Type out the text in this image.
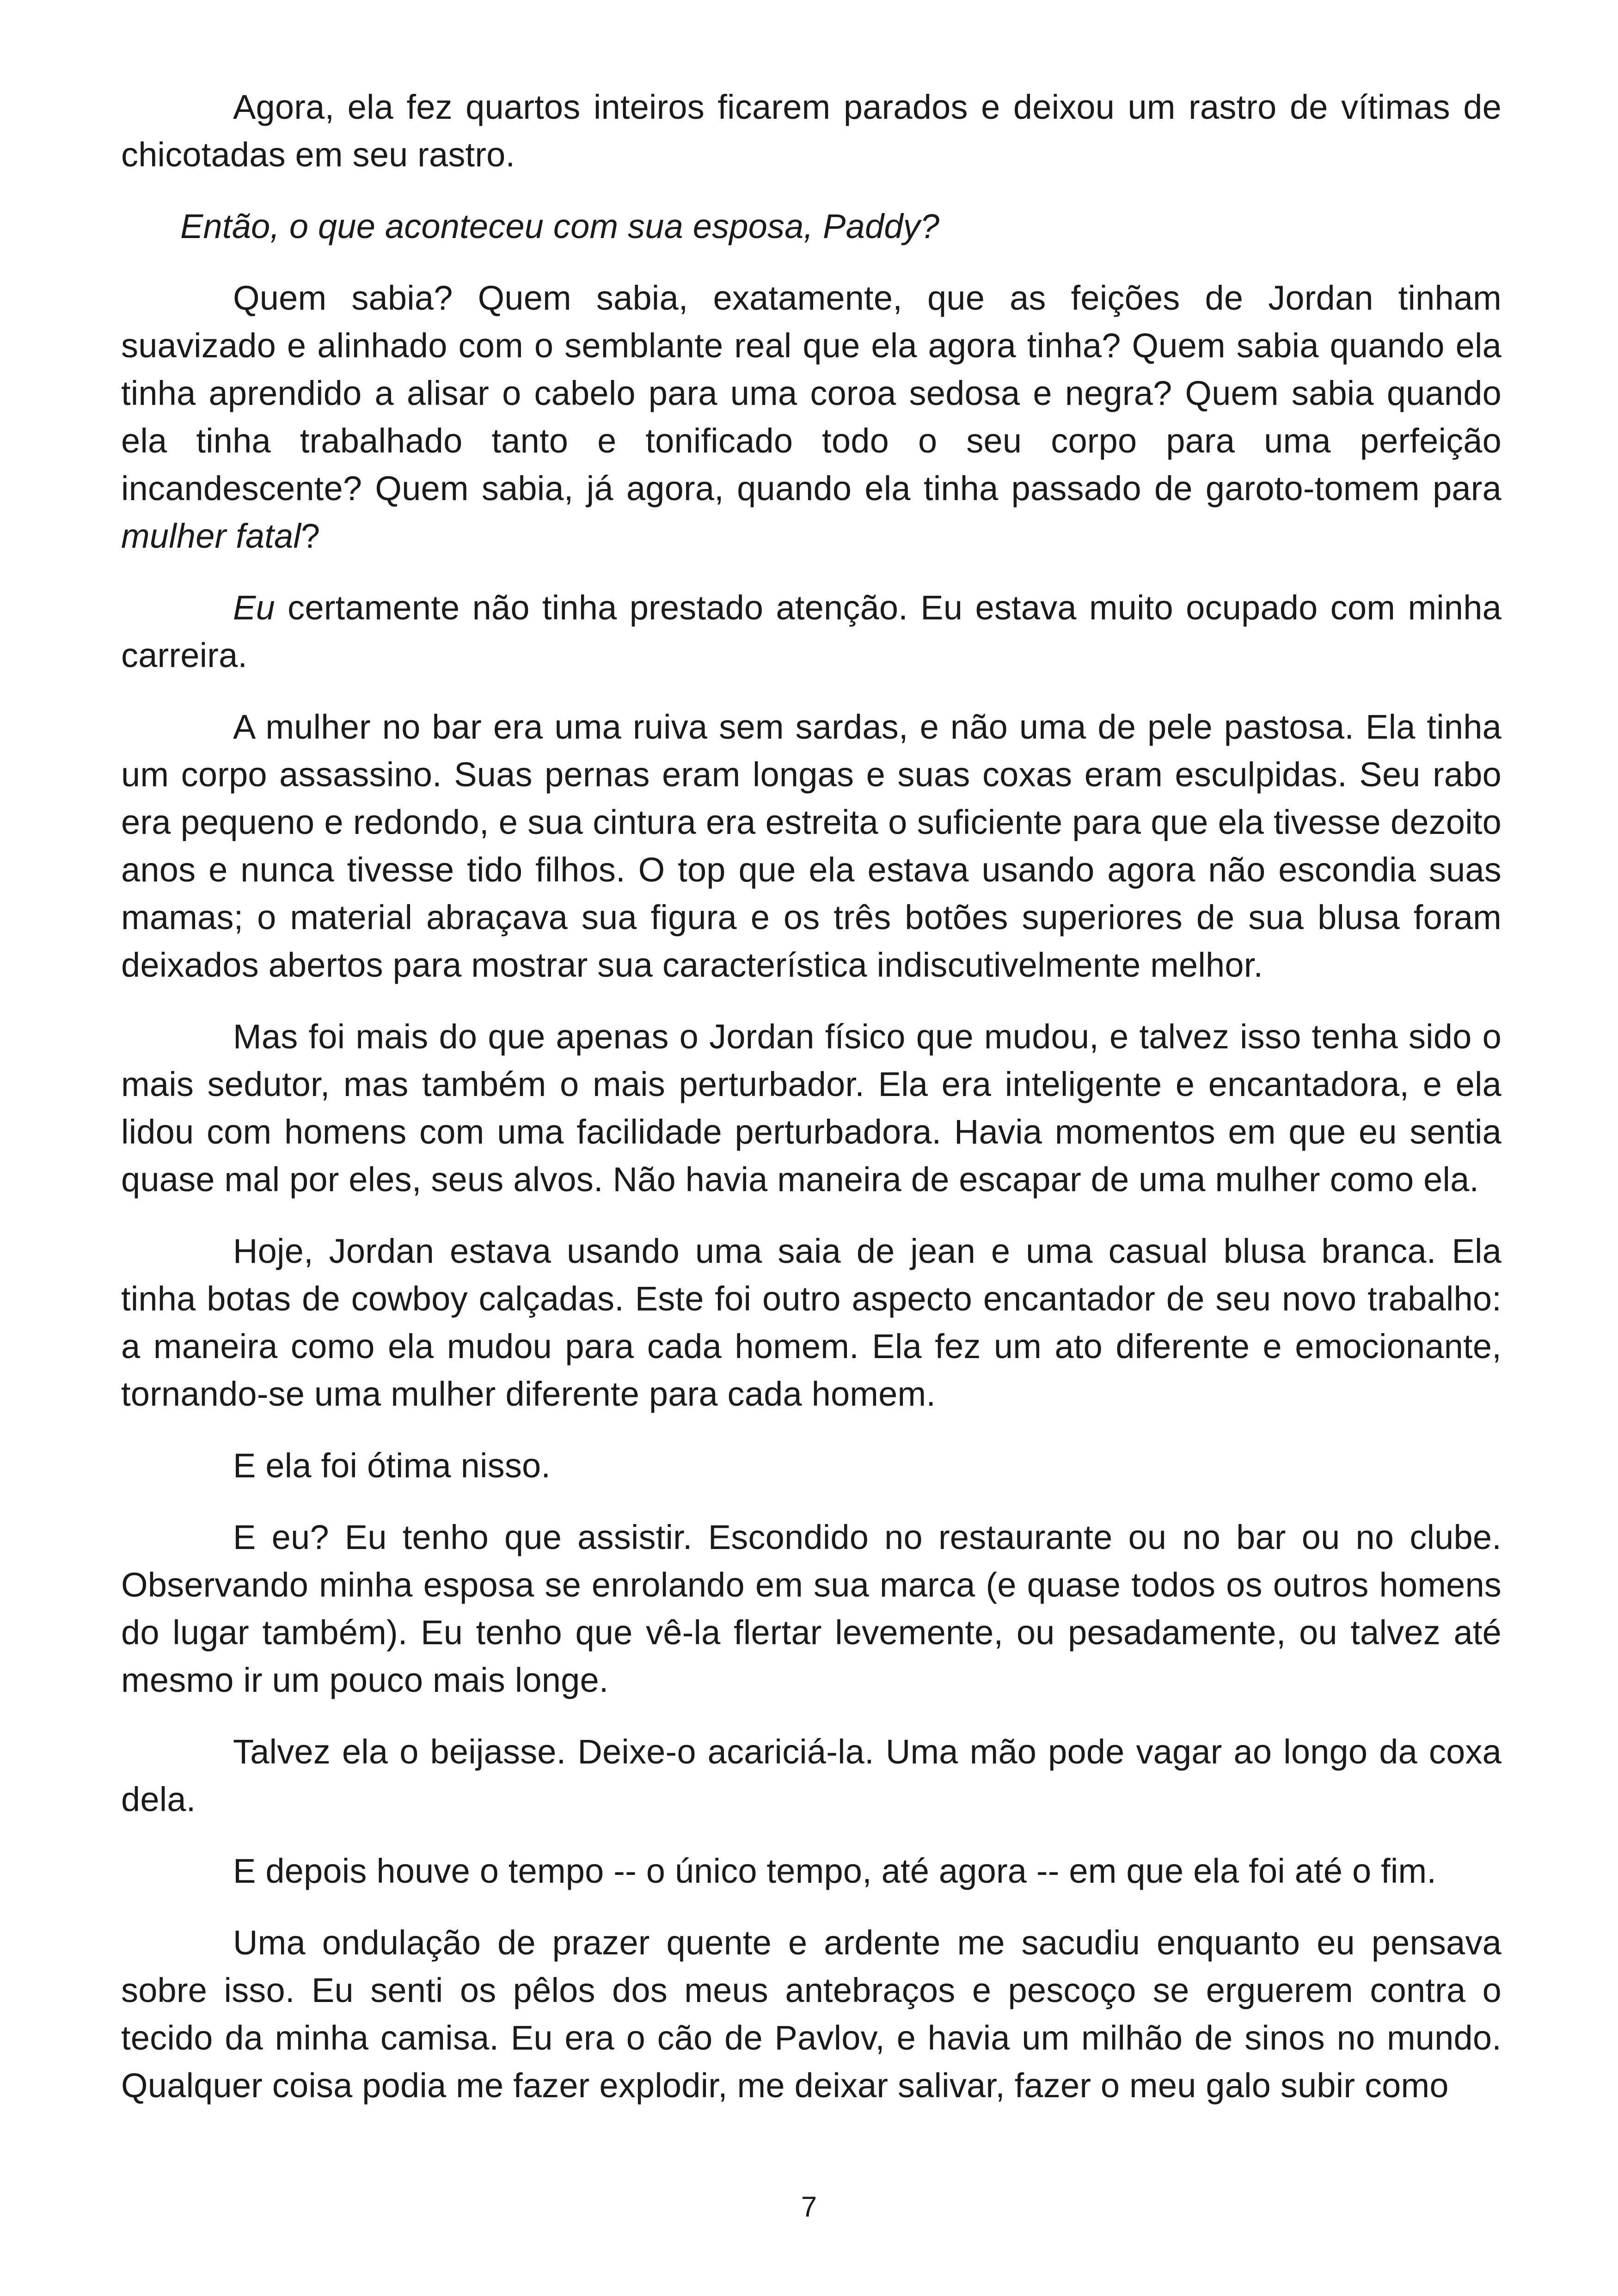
Agora, ela fez quartos inteiros ficarem parados e deixou um rastro de vítimas de chicotadas em seu rastro.

Então, o que aconteceu com sua esposa, Paddy?

Quem sabia? Quem sabia, exatamente, que as feições de Jordan tinham suavizado e alinhado com o semblante real que ela agora tinha? Quem sabia quando ela tinha aprendido a alisar o cabelo para uma coroa sedosa e negra? Quem sabia quando ela tinha trabalhado tanto e tonificado todo o seu corpo para uma perfeição incandescente? Quem sabia, já agora, quando ela tinha passado de garoto-tomem para mulher fatal?

Eu certamente não tinha prestado atenção. Eu estava muito ocupado com minha carreira.

A mulher no bar era uma ruiva sem sardas, e não uma de pele pastosa. Ela tinha um corpo assassino. Suas pernas eram longas e suas coxas eram esculpidas. Seu rabo era pequeno e redondo, e sua cintura era estreita o suficiente para que ela tivesse dezoito anos e nunca tivesse tido filhos. O top que ela estava usando agora não escondia suas mamas; o material abraçava sua figura e os três botões superiores de sua blusa foram deixados abertos para mostrar sua característica indiscutivelmente melhor.

Mas foi mais do que apenas o Jordan físico que mudou, e talvez isso tenha sido o mais sedutor, mas também o mais perturbador. Ela era inteligente e encantadora, e ela lidou com homens com uma facilidade perturbadora. Havia momentos em que eu sentia quase mal por eles, seus alvos. Não havia maneira de escapar de uma mulher como ela.

Hoje, Jordan estava usando uma saia de jean e uma casual blusa branca. Ela tinha botas de cowboy calçadas. Este foi outro aspecto encantador de seu novo trabalho: a maneira como ela mudou para cada homem. Ela fez um ato diferente e emocionante, tornando-se uma mulher diferente para cada homem.

E ela foi ótima nisso.

E eu? Eu tenho que assistir. Escondido no restaurante ou no bar ou no clube. Observando minha esposa se enrolando em sua marca (e quase todos os outros homens do lugar também). Eu tenho que vê-la flertar levemente, ou pesadamente, ou talvez até mesmo ir um pouco mais longe.

Talvez ela o beijasse. Deixe-o acariciá-la. Uma mão pode vagar ao longo da coxa dela.

E depois houve o tempo -- o único tempo, até agora -- em que ela foi até o fim.

Uma ondulação de prazer quente e ardente me sacudiu enquanto eu pensava sobre isso. Eu senti os pêlos dos meus antebraços e pescoço se erguerem contra o tecido da minha camisa. Eu era o cão de Pavlov, e havia um milhão de sinos no mundo. Qualquer coisa podia me fazer explodir, me deixar salivar, fazer o meu galo subir como

7
